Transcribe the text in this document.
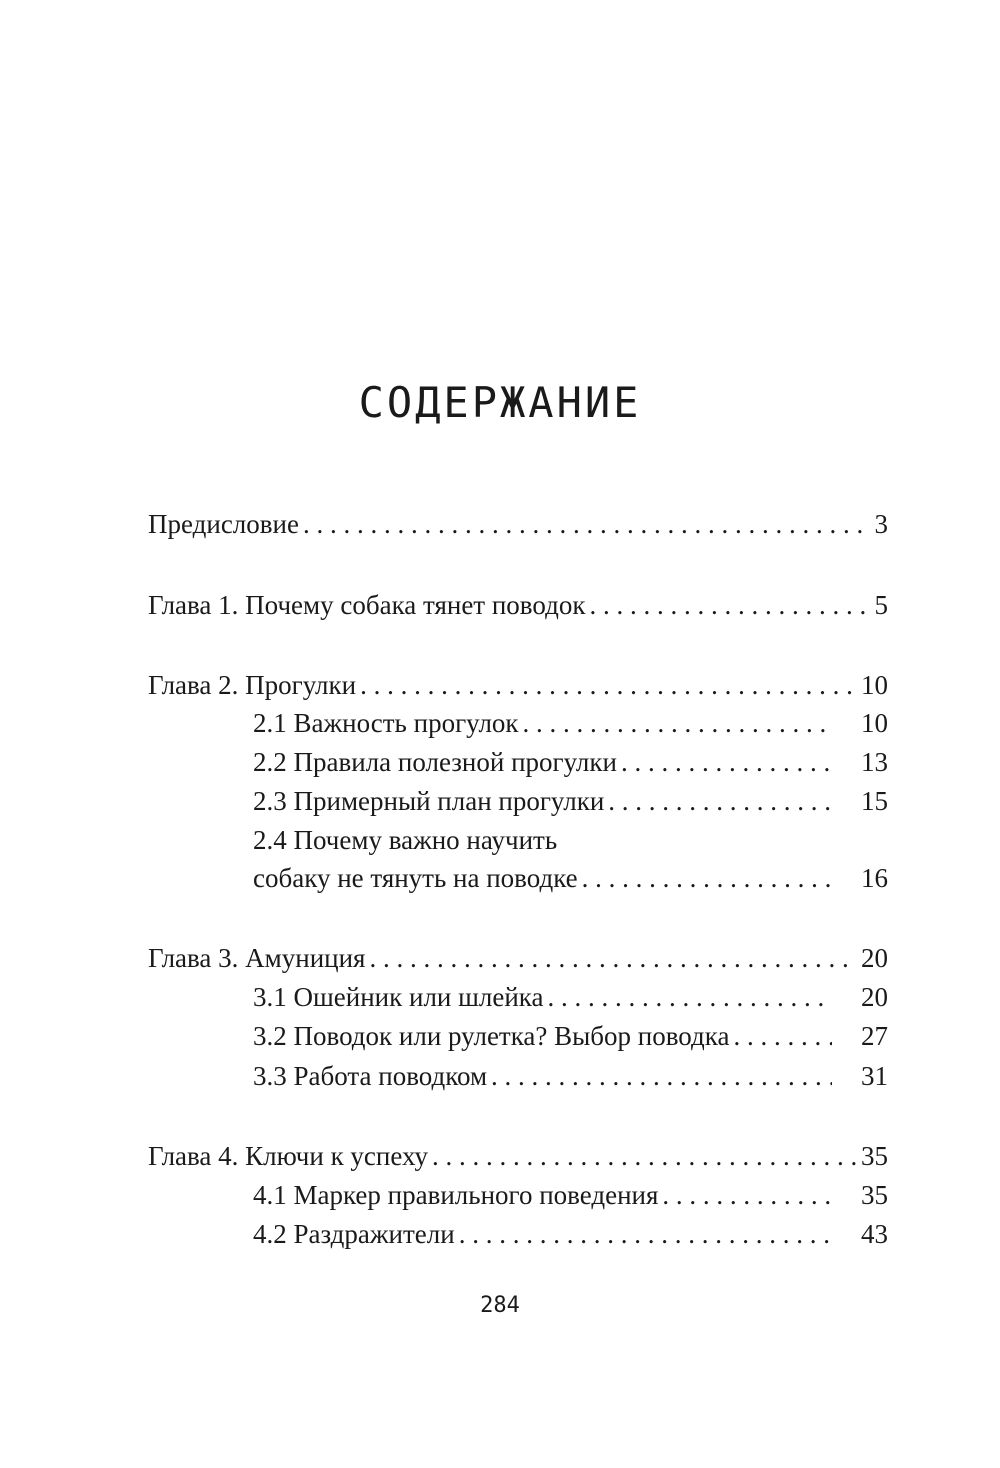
СОДЕРЖАНИЕ
Предисловие . . .	3
Глава 1. Почему собака тянет поводок . . .	5
Глава 2. Прогулки . . .	10
2.1 Важность прогулок . . .	10
2.2 Правила полезной прогулки . . .	13
2.3 Примерный план прогулки . . .	15
2.4 Почему важно научить
собаку не тянуть на поводке . . .	16
Глава 3. Амуниция . . .	20
3.1 Ошейник или шлейка . . .	20
3.2 Поводок или рулетка? Выбор поводка . . .	27
3.3 Работа поводком . . .	31
Глава 4. Ключи к успеху . . .	35
4.1 Маркер правильного поведения . . .	35
4.2 Раздражители . . .	43
284
